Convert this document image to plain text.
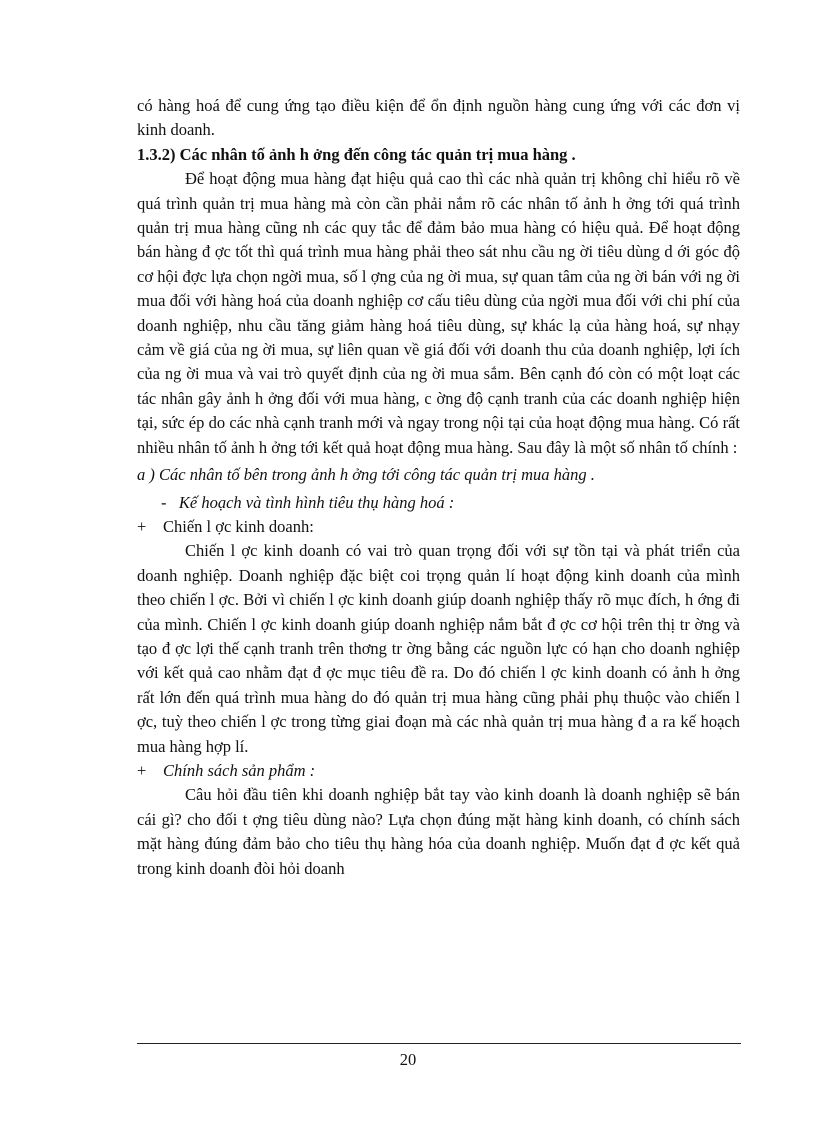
có hàng hoá để cung ứng tạo điều kiện để ổn định nguồn hàng cung ứng với các đơn vị kinh doanh.

1.3.2) Các nhân tố ảnh h ởng đến công tác quản trị mua hàng .

Để hoạt động mua hàng đạt hiệu quả cao thì các nhà quản trị không chỉ hiểu rõ về quá trình quản trị mua hàng mà còn cần phải nắm rõ các nhân tố ảnh h ởng tới quá trình quản trị mua hàng cũng nh các quy tắc để đảm bảo mua hàng có hiệu quả. Để hoạt động bán hàng đ ợc tốt thì quá trình mua hàng phải theo sát nhu cầu ng ời tiêu dùng d ới góc độ cơ hội đợc lựa chọn ngời mua, số l ợng của ng ời mua, sự quan tâm của ng ời bán với ng ời mua đối với hàng hoá của doanh nghiệp cơ cấu tiêu dùng của ngời mua đối với chi phí của doanh nghiệp, nhu cầu tăng giảm hàng hoá tiêu dùng, sự khác lạ của hàng hoá, sự nhạy cảm về giá của ng ời mua, sự liên quan về giá đối với doanh thu của doanh nghiệp, lợi ích của ng ời mua và vai trò quyết định của ng ời mua sắm. Bên cạnh đó còn có một loạt các tác nhân gây ảnh h ởng đối với mua hàng, c ờng độ cạnh tranh của các doanh nghiệp hiện tại, sức ép do các nhà cạnh tranh mới và ngay trong nội tại của hoạt động mua hàng. Có rất nhiều nhân tố ảnh h ởng tới kết quả hoạt động mua hàng. Sau đây là một số nhân tố chính :

a ) Các nhân tố bên trong ảnh h ởng tới công tác quản trị mua hàng .

- Kế hoạch và tình hình tiêu thụ hàng hoá :

+ Chiến l ợc kinh doanh:

Chiến l ợc kinh doanh có vai trò quan trọng đối với sự tồn tại và phát triển của doanh nghiệp. Doanh nghiệp đặc biệt coi trọng quản lí hoạt động kinh doanh của mình theo chiến l ợc. Bởi vì chiến l ợc kinh doanh giúp doanh nghiệp thấy rõ mục đích, h ớng đi của mình. Chiến l ợc kinh doanh giúp doanh nghiệp nắm bắt đ ợc cơ hội trên thị tr ờng và tạo đ ợc lợi thế cạnh tranh trên thơng tr ờng bằng các nguồn lực có hạn cho doanh nghiệp với kết quả cao nhằm đạt đ ợc mục tiêu đề ra. Do đó chiến l ợc kinh doanh có ảnh h ởng rất lớn đến quá trình mua hàng do đó quản trị mua hàng cũng phải phụ thuộc vào chiến l ợc, tuỳ theo chiến l ợc trong từng giai đoạn mà các nhà quản trị mua hàng đ a ra kế hoạch mua hàng hợp lí.

+ Chính sách sản phẩm :

Câu hỏi đầu tiên khi doanh nghiệp bắt tay vào kinh doanh là doanh nghiệp sẽ bán cái gì? cho đối t ợng tiêu dùng nào? Lựa chọn đúng mặt hàng kinh doanh, có chính sách mặt hàng đúng đảm bảo cho tiêu thụ hàng hóa của doanh nghiệp. Muốn đạt đ ợc kết quả trong kinh doanh đòi hỏi doanh

20
